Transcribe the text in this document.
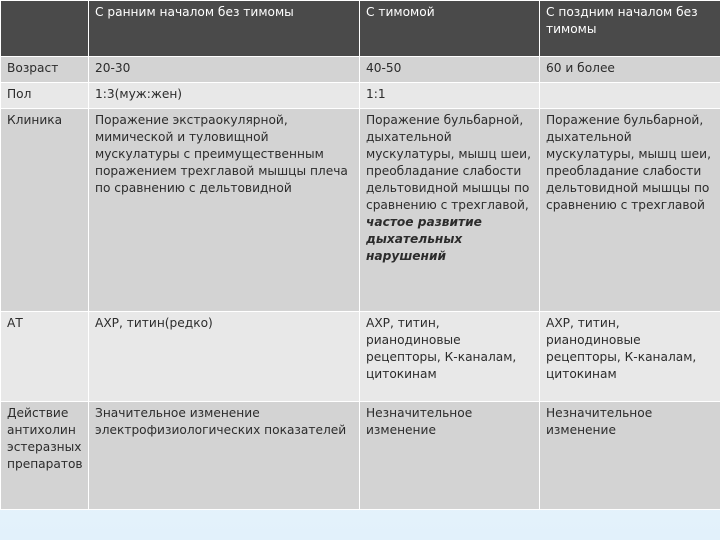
	С ранним началом без тимомы	С тимомой	С поздним началом без тимомы
Возраст	20-30	40-50	60 и более
Пол	1:3(муж:жен)	1:1	
Клиника	Поражение экстраокулярной, мимической и туловищной мускулатуры с преимущественным поражением трехглавой мышцы плеча по сравнению с дельтовидной	Поражение бульбарной, дыхательной мускулатуры, мышц шеи, преобладание слабости дельтовидной мышцы по сравнению с трехглавой, частое развитие дыхательных нарушений	Поражение бульбарной, дыхательной мускулатуры, мышц шеи, преобладание слабости дельтовидной мышцы по сравнению с трехглавой
АТ	АХР, титин(редко)	АХР, титин, рианодиновые рецепторы, К-каналам, цитокинам	АХР, титин, рианодиновые рецепторы, К-каналам, цитокинам

Действие
антихолин
эстеразных
препаратов	Значительное изменение электрофизиологических показателей	Незначительное изменение	Незначительное изменение
